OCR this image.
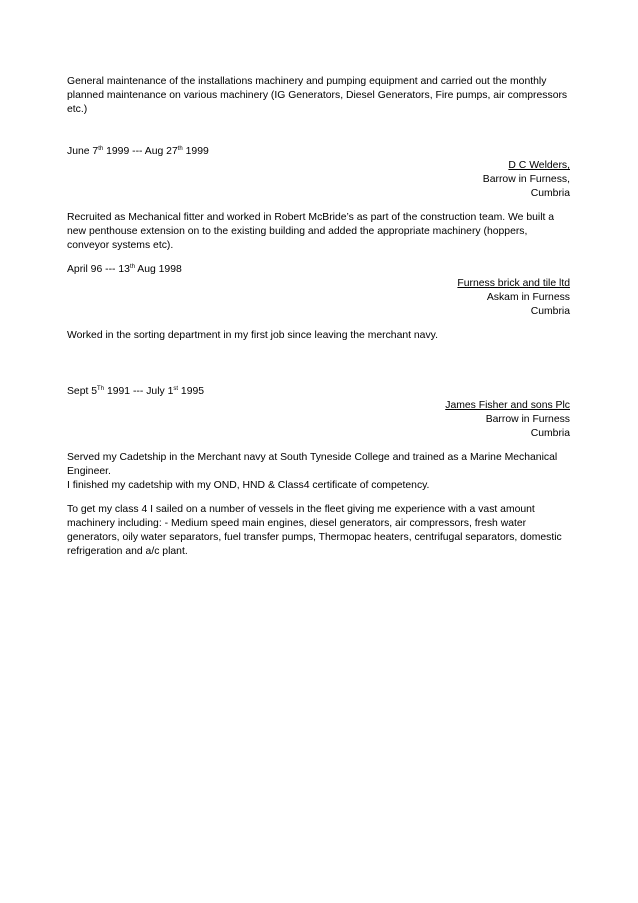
General maintenance of the installations machinery and pumping equipment and carried out the monthly planned maintenance on various machinery (IG Generators, Diesel Generators, Fire pumps, air compressors etc.)

June 7th 1999 --- Aug 27th 1999

D C Welders,

Barrow in Furness,

Cumbria

Recruited as Mechanical fitter and worked in Robert McBride’s as part of the construction team. We built a new penthouse extension on to the existing building and added the appropriate machinery (hoppers, conveyor systems etc).

April 96 --- 13th Aug 1998

Furness brick and tile ltd

Askam in Furness

Cumbria

Worked in the sorting department in my first job since leaving the merchant navy.

Sept 5Th 1991 --- July 1st 1995

James Fisher and sons Plc

Barrow in Furness

Cumbria

Served my Cadetship in the Merchant navy at South Tyneside College and trained as a Marine Mechanical Engineer.

I finished my cadetship with my OND, HND & Class4 certificate of competency.

To get my class 4 I sailed on a number of vessels in the fleet giving me experience with a vast amount machinery including: - Medium speed main engines, diesel generators, air compressors, fresh water generators, oily water separators, fuel transfer pumps, Thermopac heaters, centrifugal separators, domestic refrigeration and a/c plant.
